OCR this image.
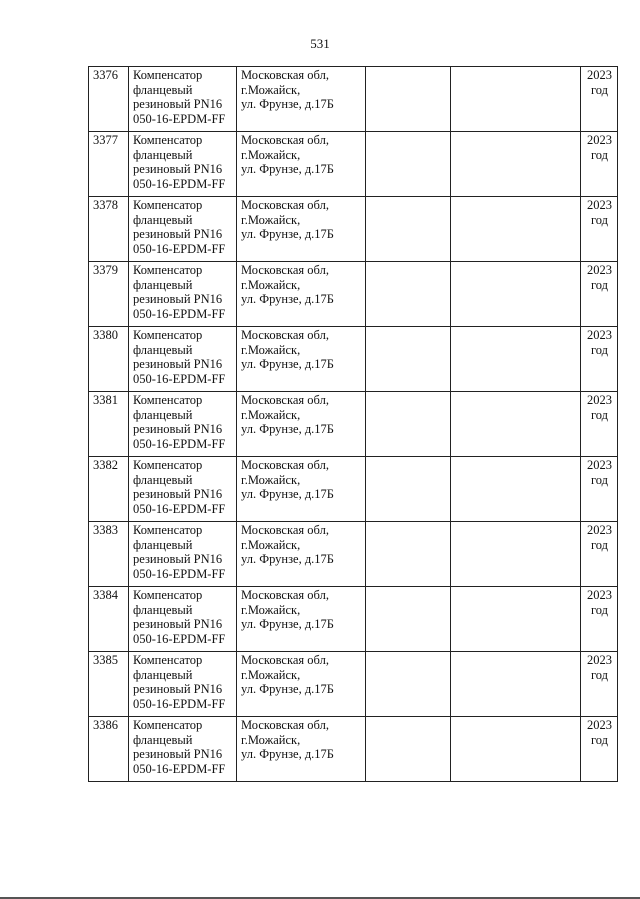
531
3376	Компенсатор
фланцевый
резиновый PN16
050-16-EPDM-FF	Московская обл,
г.Можайск,
ул. Фрунзе, д.17Б			2023
год
3377	Компенсатор
фланцевый
резиновый PN16
050-16-EPDM-FF	Московская обл,
г.Можайск,
ул. Фрунзе, д.17Б			2023
год
3378	Компенсатор
фланцевый
резиновый PN16
050-16-EPDM-FF	Московская обл,
г.Можайск,
ул. Фрунзе, д.17Б			2023
год
3379	Компенсатор
фланцевый
резиновый PN16
050-16-EPDM-FF	Московская обл,
г.Можайск,
ул. Фрунзе, д.17Б			2023
год
3380	Компенсатор
фланцевый
резиновый PN16
050-16-EPDM-FF	Московская обл,
г.Можайск,
ул. Фрунзе, д.17Б			2023
год
3381	Компенсатор
фланцевый
резиновый PN16
050-16-EPDM-FF	Московская обл,
г.Можайск,
ул. Фрунзе, д.17Б			2023
год
3382	Компенсатор
фланцевый
резиновый PN16
050-16-EPDM-FF	Московская обл,
г.Можайск,
ул. Фрунзе, д.17Б			2023
год
3383	Компенсатор
фланцевый
резиновый PN16
050-16-EPDM-FF	Московская обл,
г.Можайск,
ул. Фрунзе, д.17Б			2023
год
3384	Компенсатор
фланцевый
резиновый PN16
050-16-EPDM-FF	Московская обл,
г.Можайск,
ул. Фрунзе, д.17Б			2023
год
3385	Компенсатор
фланцевый
резиновый PN16
050-16-EPDM-FF	Московская обл,
г.Можайск,
ул. Фрунзе, д.17Б			2023
год
3386	Компенсатор
фланцевый
резиновый PN16
050-16-EPDM-FF	Московская обл,
г.Можайск,
ул. Фрунзе, д.17Б			2023
год
